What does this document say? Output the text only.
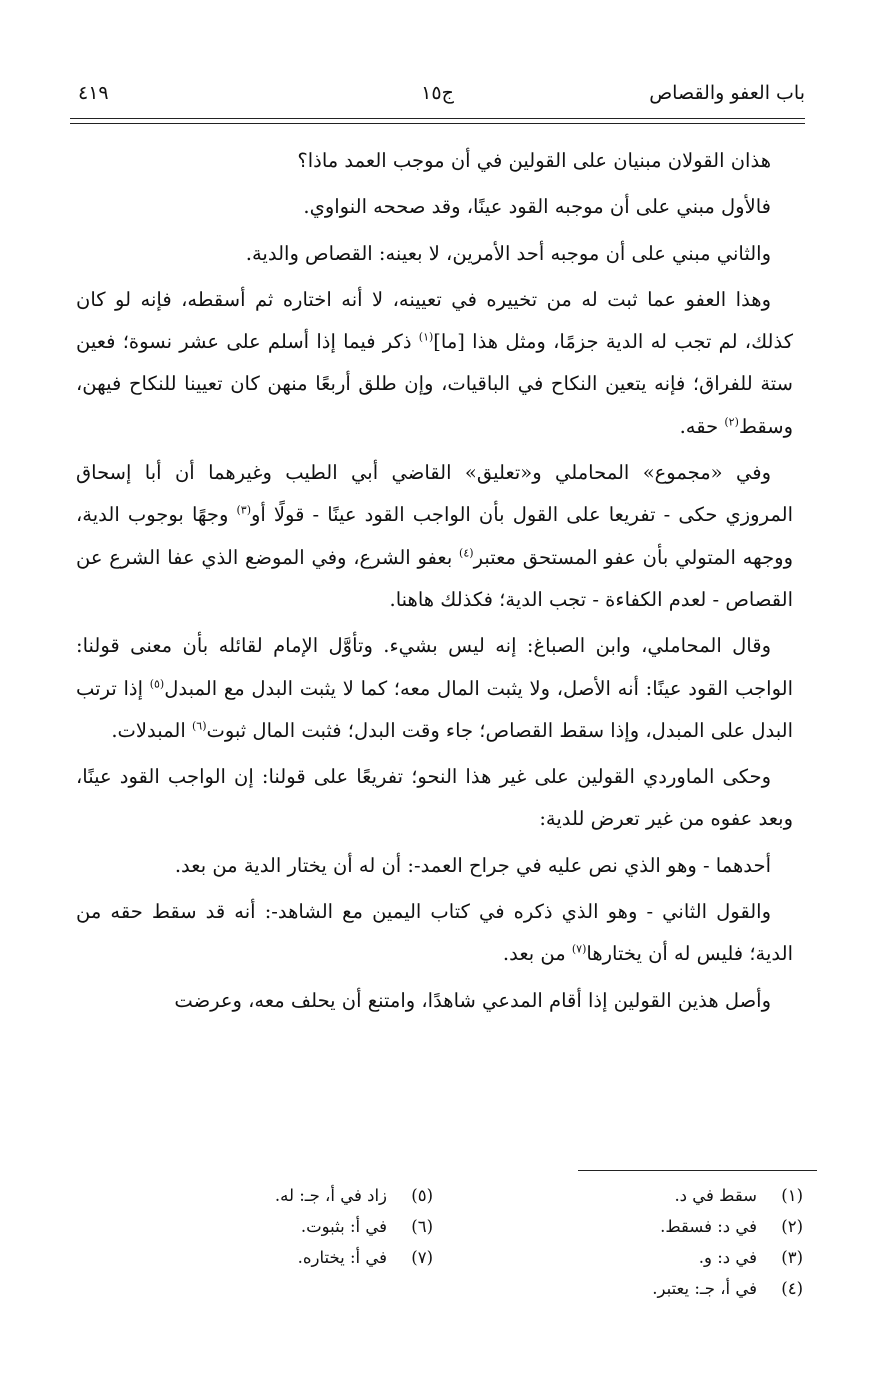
باب العفو والقصاص
ج١٥
٤١٩

هذان القولان مبنيان على القولين في أن موجب العمد ماذا؟

فالأول مبني على أن موجبه القود عينًا، وقد صححه النواوي.

والثاني مبني على أن موجبه أحد الأمرين، لا بعينه: القصاص والدية.

وهذا العفو عما ثبت له من تخييره في تعيينه، لا أنه اختاره ثم أسقطه، فإنه لو كان كذلك، لم تجب له الدية جزمًا، ومثل هذا [ما]$^{(١)}$ ذكر فيما إذا أسلم على عشر نسوة؛ فعين ستة للفراق؛ فإنه يتعين النكاح في الباقيات، وإن طلق أربعًا منهن كان تعيينا للنكاح فيهن، وسقط$^{(٢)}$ حقه.

وفي «مجموع» المحاملي و«تعليق» القاضي أبي الطيب وغيرهما أن أبا إسحاق المروزي حكى - تفريعا على القول بأن الواجب القود عينًا - قولًا أو$^{(٣)}$ وجهًا بوجوب الدية، ووجهه المتولي بأن عفو المستحق معتبر$^{(٤)}$ بعفو الشرع، وفي الموضع الذي عفا الشرع عن القصاص - لعدم الكفاءة - تجب الدية؛ فكذلك هاهنا.

وقال المحاملي، وابن الصباغ: إنه ليس بشيء. وتأوَّل الإمام لقائله بأن معنى قولنا: الواجب القود عينًا: أنه الأصل، ولا يثبت المال معه؛ كما لا يثبت البدل مع المبدل$^{(٥)}$ إذا ترتب البدل على المبدل، وإذا سقط القصاص؛ جاء وقت البدل؛ فثبت المال ثبوت$^{(٦)}$ المبدلات.

وحكى الماوردي القولين على غير هذا النحو؛ تفريعًا على قولنا: إن الواجب القود عينًا، وبعد عفوه من غير تعرض للدية:

أحدهما - وهو الذي نص عليه في جراح العمد-: أن له أن يختار الدية من بعد.

والقول الثاني - وهو الذي ذكره في كتاب اليمين مع الشاهد-: أنه قد سقط حقه من الدية؛ فليس له أن يختارها$^{(٧)}$ من بعد.

وأصل هذين القولين إذا أقام المدعي شاهدًا، وامتنع أن يحلف معه، وعرضت

(١)سقط في د.
(٢)في د: فسقط.
(٣)في د: و.
(٤)في أ، جـ: يعتبر.
(٥)زاد في أ، جـ: له.
(٦)في أ: بثبوت.
(٧)في أ: يختاره.
